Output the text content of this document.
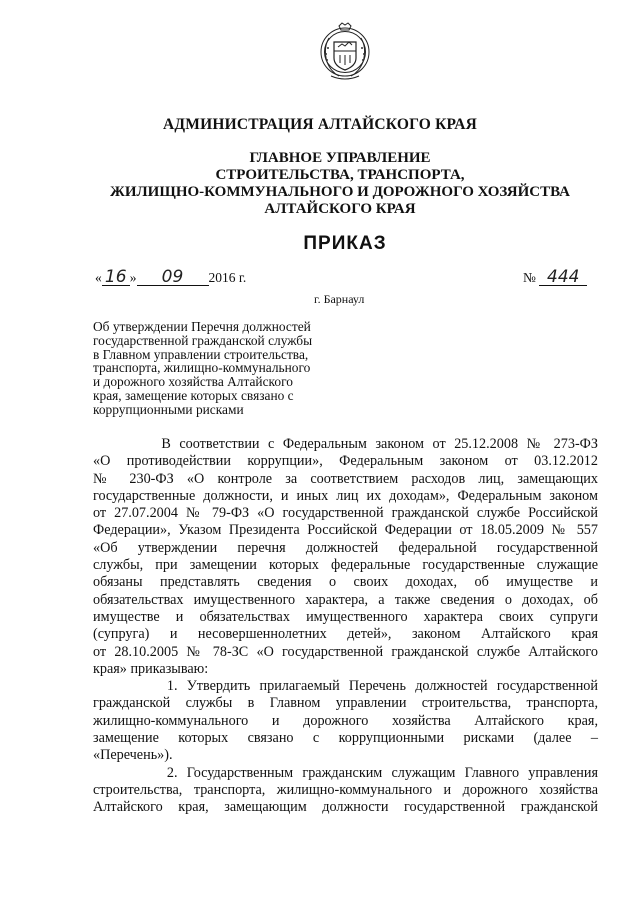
АДМИНИСТРАЦИЯ АЛТАЙСКОГО КРАЯ
ГЛАВНОЕ УПРАВЛЕНИЕ
СТРОИТЕЛЬСТВА, ТРАНСПОРТА,
ЖИЛИЩНО-КОММУНАЛЬНОГО И ДОРОЖНОГО ХОЗЯЙСТВА
АЛТАЙСКОГО КРАЯ
ПРИКАЗ
« 16 » 09 2016 г.	№ 444
г. Барнаул
Об утверждении Перечня должностей
государственной гражданской службы
в Главном управлении строительства,
транспорта, жилищно-коммунального
и дорожного хозяйства Алтайского
края, замещение которых связано с
коррупционными рисками
В соответствии с Федеральным законом от 25.12.2008 № 273-ФЗ
«О противодействии коррупции», Федеральным законом от 03.12.2012
№ 230-ФЗ «О контроле за соответствием расходов лиц, замещающих
государственные должности, и иных лиц их доходам», Федеральным законом
от 27.07.2004 № 79-ФЗ «О государственной гражданской службе Российской
Федерации», Указом Президента Российской Федерации от 18.05.2009 № 557
«Об утверждении перечня должностей федеральной государственной
службы, при замещении которых федеральные государственные служащие
обязаны представлять сведения о своих доходах, об имуществе и
обязательствах имущественного характера, а также сведения о доходах, об
имуществе и обязательствах имущественного характера своих супруги
(супруга) и несовершеннолетних детей», законом Алтайского края
от 28.10.2005 № 78-ЗС «О государственной гражданской службе Алтайского
края» приказываю:
1. Утвердить прилагаемый Перечень должностей государственной
гражданской службы в Главном управлении строительства, транспорта,
жилищно-коммунального и дорожного хозяйства Алтайского края,
замещение которых связано с коррупционными рисками (далее –
«Перечень»).
2. Государственным гражданским служащим Главного управления
строительства, транспорта, жилищно-коммунального и дорожного хозяйства
Алтайского края, замещающим должности государственной гражданской
